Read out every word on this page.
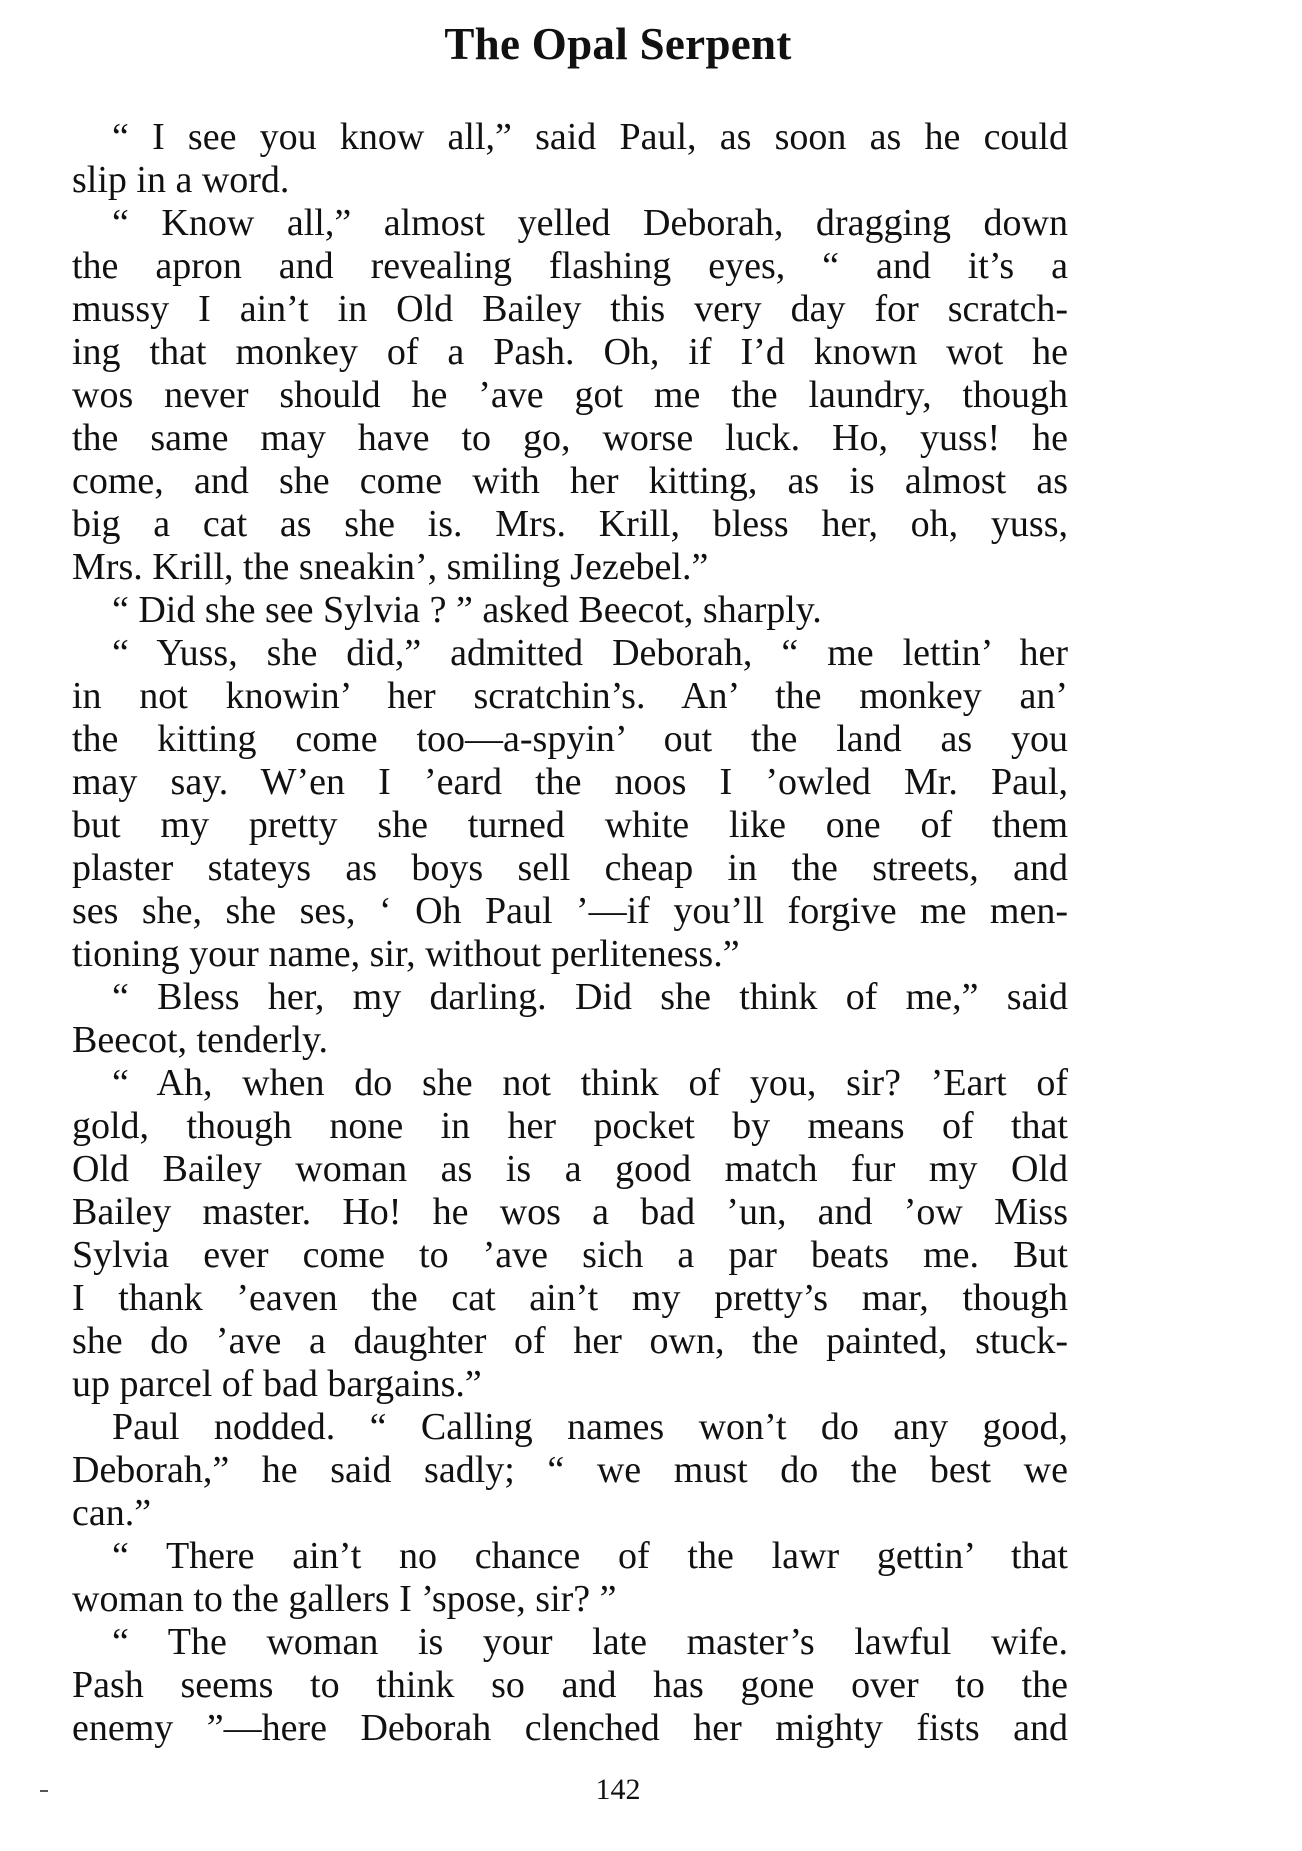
The Opal Serpent
“ I see you know all,” said Paul, as soon as he could
slip in a word.
“ Know all,” almost yelled Deborah, dragging down
the apron and revealing flashing eyes, “ and it’s a
mussy I ain’t in Old Bailey this very day for scratch-
ing that monkey of a Pash. Oh, if I’d known wot he
wos never should he ’ave got me the laundry, though
the same may have to go, worse luck. Ho, yuss! he
come, and she come with her kitting, as is almost as
big a cat as she is. Mrs. Krill, bless her, oh, yuss,
Mrs. Krill, the sneakin’, smiling Jezebel.”
“ Did she see Sylvia ? ” asked Beecot, sharply.
“ Yuss, she did,” admitted Deborah, “ me lettin’ her
in not knowin’ her scratchin’s. An’ the monkey an’
the kitting come too—a-spyin’ out the land as you
may say. W’en I ’eard the noos I ’owled Mr. Paul,
but my pretty she turned white like one of them
plaster stateys as boys sell cheap in the streets, and
ses she, she ses, ‘ Oh Paul ’—if you’ll forgive me men-
tioning your name, sir, without perliteness.”
“ Bless her, my darling. Did she think of me,” said
Beecot, tenderly.
“ Ah, when do she not think of you, sir? ’Eart of
gold, though none in her pocket by means of that
Old Bailey woman as is a good match fur my Old
Bailey master. Ho! he wos a bad ’un, and ’ow Miss
Sylvia ever come to ’ave sich a par beats me. But
I thank ’eaven the cat ain’t my pretty’s mar, though
she do ’ave a daughter of her own, the painted, stuck-
up parcel of bad bargains.”
Paul nodded. “ Calling names won’t do any good,
Deborah,” he said sadly; “ we must do the best we
can.”
“ There ain’t no chance of the lawr gettin’ that
woman to the gallers I ’spose, sir? ”
“ The woman is your late master’s lawful wife.
Pash seems to think so and has gone over to the
enemy ”—here Deborah clenched her mighty fists and
142
